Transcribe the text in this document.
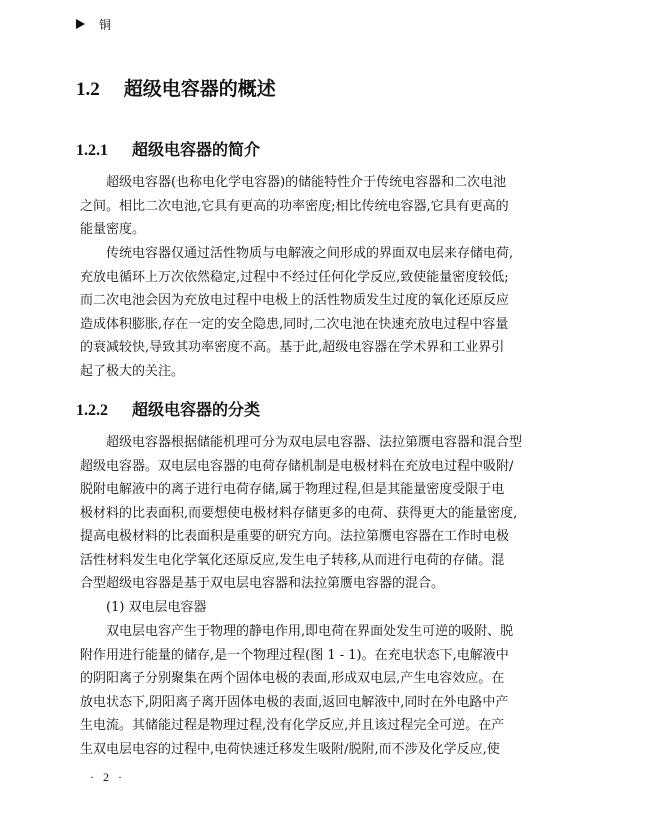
铜
1.2 超级电容器的概述
1.2.1 超级电容器的简介
超级电容器(也称电化学电容器)的储能特性介于传统电容器和二次电池
之间。相比二次电池,它具有更高的功率密度;相比传统电容器,它具有更高的
能量密度。
传统电容器仅通过活性物质与电解液之间形成的界面双电层来存储电荷,
充放电循环上万次依然稳定,过程中不经过任何化学反应,致使能量密度较低;
而二次电池会因为充放电过程中电极上的活性物质发生过度的氧化还原反应
造成体积膨胀,存在一定的安全隐患,同时,二次电池在快速充放电过程中容量
的衰减较快,导致其功率密度不高。基于此,超级电容器在学术界和工业界引
起了极大的关注。
1.2.2 超级电容器的分类
超级电容器根据储能机理可分为双电层电容器、法拉第赝电容器和混合型
超级电容器。双电层电容器的电荷存储机制是电极材料在充放电过程中吸附/
脱附电解液中的离子进行电荷存储,属于物理过程,但是其能量密度受限于电
极材料的比表面积,而要想使电极材料存储更多的电荷、获得更大的能量密度,
提高电极材料的比表面积是重要的研究方向。法拉第赝电容器在工作时电极
活性材料发生电化学氧化还原反应,发生电子转移,从而进行电荷的存储。混
合型超级电容器是基于双电层电容器和法拉第赝电容器的混合。
(1) 双电层电容器
双电层电容产生于物理的静电作用,即电荷在界面处发生可逆的吸附、脱
附作用进行能量的储存,是一个物理过程(图 1 - 1)。在充电状态下,电解液中
的阴阳离子分别聚集在两个固体电极的表面,形成双电层,产生电容效应。在
放电状态下,阴阳离子离开固体电极的表面,返回电解液中,同时在外电路中产
生电流。其储能过程是物理过程,没有化学反应,并且该过程完全可逆。在产
生双电层电容的过程中,电荷快速迁移发生吸附/脱附,而不涉及化学反应,使
· 2 ·
